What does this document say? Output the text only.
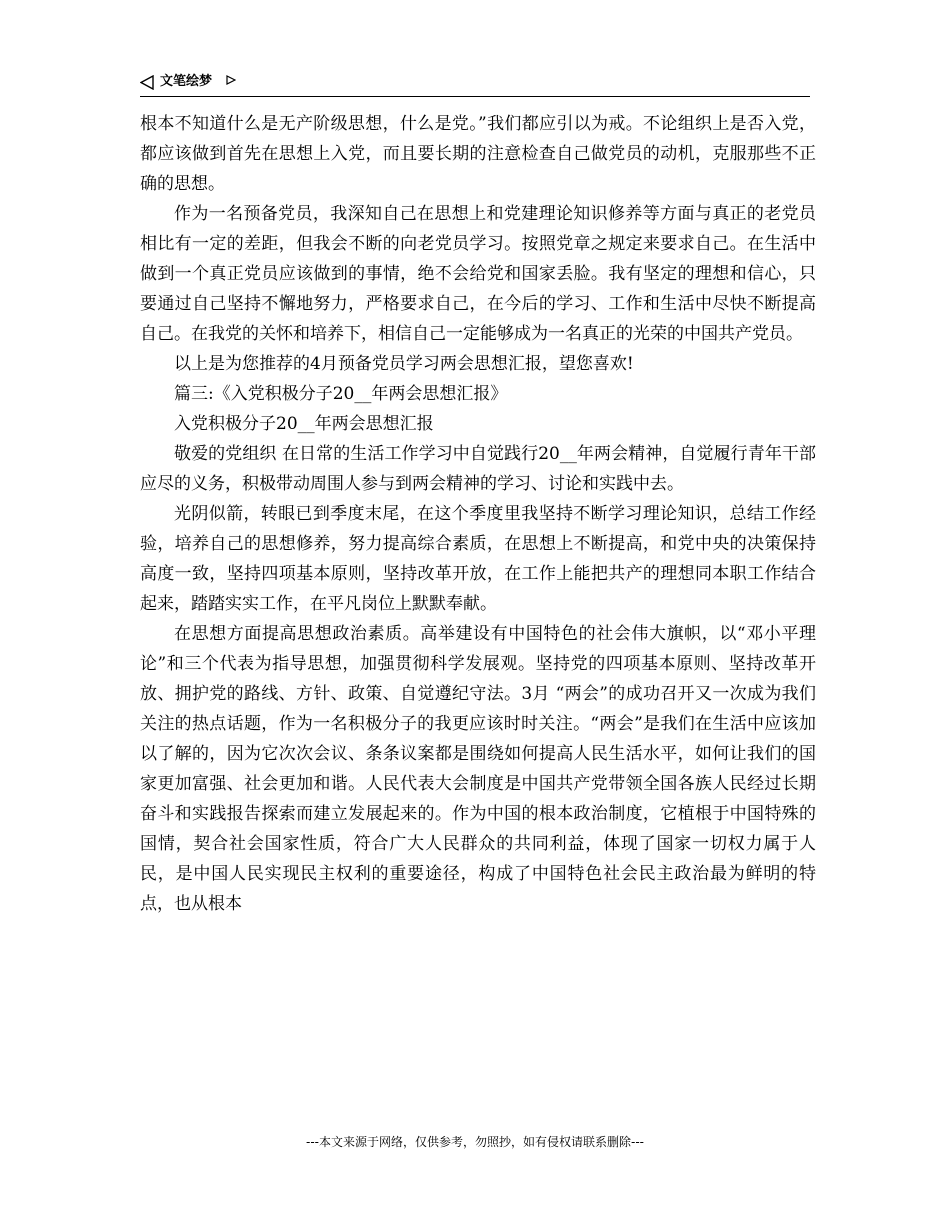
文笔绘梦

根本不知道什么是无产阶级思想，什么是党。”我们都应引以为戒。不论组织上是否入党，都应该做到首先在思想上入党，而且要长期的注意检查自己做党员的动机，克服那些不正确的思想。

作为一名预备党员，我深知自己在思想上和党建理论知识修养等方面与真正的老党员相比有一定的差距，但我会不断的向老党员学习。按照党章之规定来要求自己。在生活中做到一个真正党员应该做到的事情，绝不会给党和国家丢脸。我有坚定的理想和信心，只要通过自己坚持不懈地努力，严格要求自己，在今后的学习、工作和生活中尽快不断提高自己。在我党的关怀和培养下，相信自己一定能够成为一名真正的光荣的中国共产党员。

以上是为您推荐的4月预备党员学习两会思想汇报，望您喜欢!

篇三:《入党积极分子20__年两会思想汇报》

入党积极分子20__年两会思想汇报

敬爱的党组织 在日常的生活工作学习中自觉践行20__年两会精神，自觉履行青年干部应尽的义务，积极带动周围人参与到两会精神的学习、讨论和实践中去。

光阴似箭，转眼已到季度末尾，在这个季度里我坚持不断学习理论知识，总结工作经验，培养自己的思想修养，努力提高综合素质，在思想上不断提高，和党中央的决策保持高度一致，坚持四项基本原则，坚持改革开放，在工作上能把共产的理想同本职工作结合起来，踏踏实实工作，在平凡岗位上默默奉献。

在思想方面提高思想政治素质。高举建设有中国特色的社会伟大旗帜，以“邓小平理论”和三个代表为指导思想，加强贯彻科学发展观。坚持党的四项基本原则、坚持改革开放、拥护党的路线、方针、政策、自觉遵纪守法。3月 “两会”的成功召开又一次成为我们关注的热点话题，作为一名积极分子的我更应该时时关注。“两会”是我们在生活中应该加以了解的，因为它次次会议、条条议案都是围绕如何提高人民生活水平，如何让我们的国家更加富强、社会更加和谐。人民代表大会制度是中国共产党带领全国各族人民经过长期奋斗和实践报告探索而建立发展起来的。作为中国的根本政治制度，它植根于中国特殊的国情，契合社会国家性质，符合广大人民群众的共同利益，体现了国家一切权力属于人民，是中国人民实现民主权利的重要途径，构成了中国特色社会民主政治最为鲜明的特点，也从根本

---本文来源于网络，仅供参考，勿照抄，如有侵权请联系删除---
